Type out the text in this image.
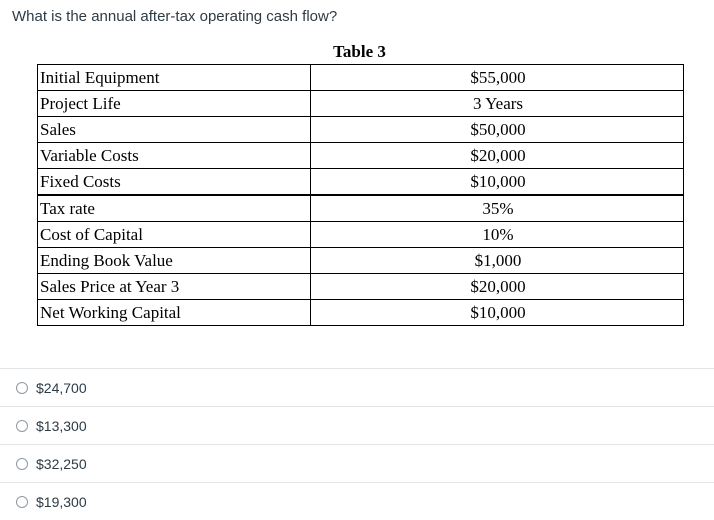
What is the annual after-tax operating cash flow?
Table 3
Initial Equipment	$55,000
Project Life	3 Years
Sales	$50,000
Variable Costs	$20,000
Fixed Costs	$10,000
Tax rate	35%
Cost of Capital	10%
Ending Book Value	$1,000
Sales Price at Year 3	$20,000
Net Working Capital	$10,000
$24,700
$13,300
$32,250
$19,300
